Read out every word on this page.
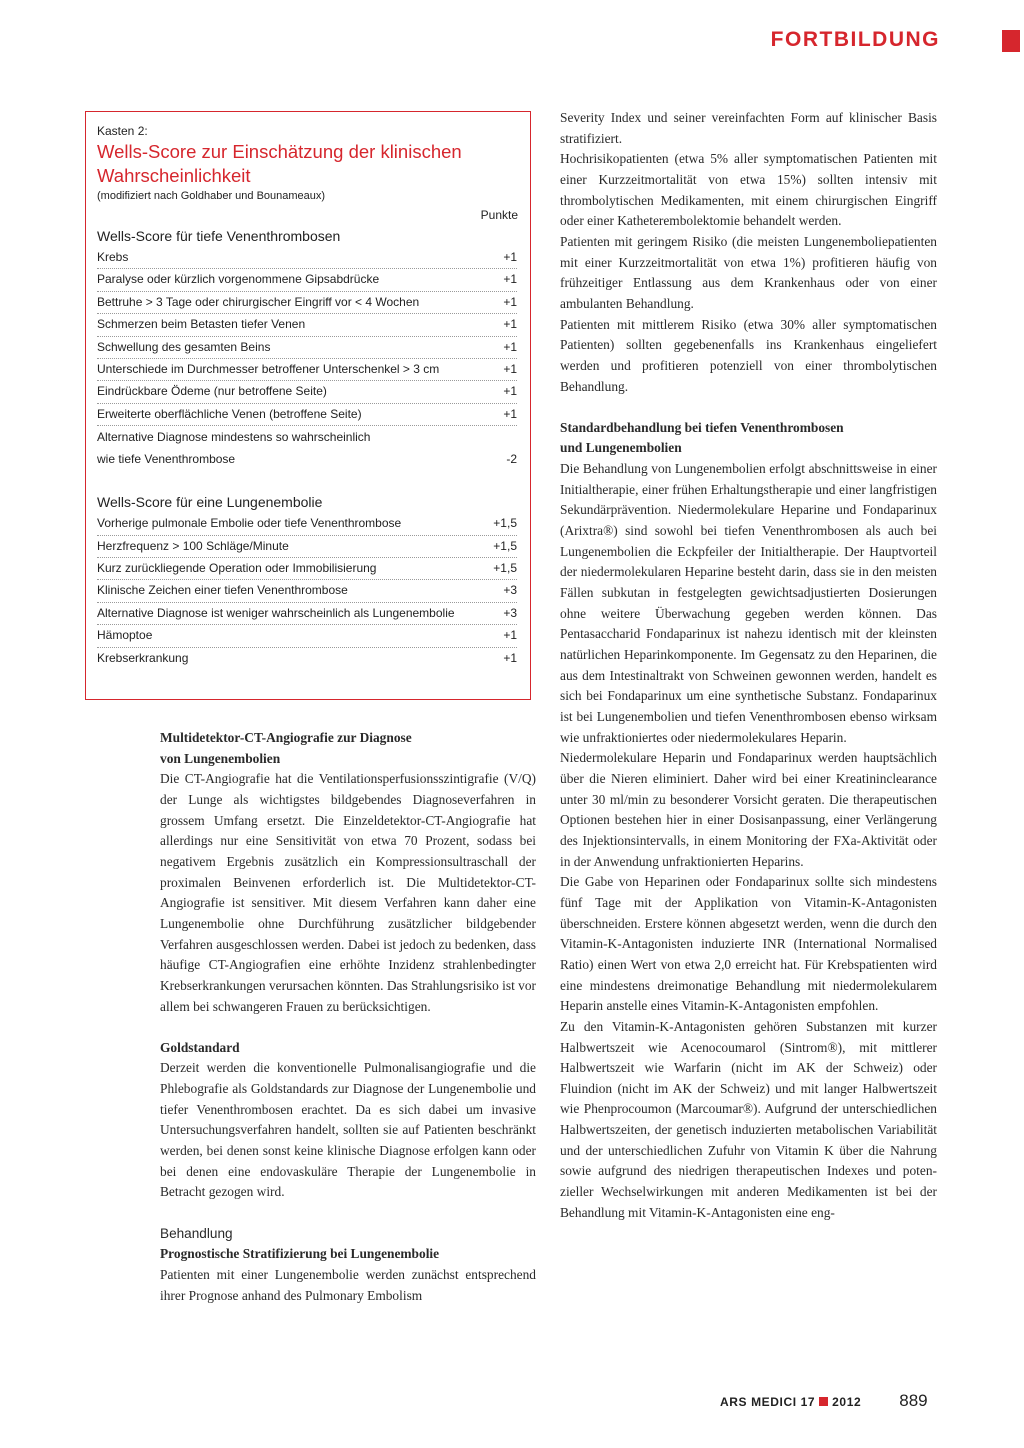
FORTBILDUNG
Kasten 2:
Wells-Score zur Einschätzung der klinischen
Wahrscheinlichkeit
(modifiziert nach Goldhaber und Bounameaux)
Punkte
Wells-Score für tiefe Venenthrombosen
Krebs	+1
Paralyse oder kürzlich vorgenommene Gipsabdrücke	+1
Bettruhe > 3 Tage oder chirurgischer Eingriff vor < 4 Wochen	+1
Schmerzen beim Betasten tiefer Venen	+1
Schwellung des gesamten Beins	+1
Unterschiede im Durchmesser betroffener Unterschenkel > 3 cm	+1
Eindrückbare Ödeme (nur betroffene Seite)	+1
Erweiterte oberflächliche Venen (betroffene Seite)	+1
Alternative Diagnose mindestens so wahrscheinlich
wie tiefe Venenthrombose	-2
Wells-Score für eine Lungenembolie
Vorherige pulmonale Embolie oder tiefe Venenthrombose	+1,5
Herzfrequenz > 100 Schläge/Minute	+1,5
Kurz zurückliegende Operation oder Immobilisierung	+1,5
Klinische Zeichen einer tiefen Venenthrombose	+3
Alternative Diagnose ist weniger wahrscheinlich als Lungenembolie	+3
Hämoptoe	+1
Krebserkrankung	+1
Multidetektor-CT-Angiografie zur Diagnose
von Lungenembolien

Die CT-Angiografie hat die Ventilationsperfusionsszintigrafie (V/Q) der Lunge als wichtigstes bildgebendes Diagnoseverfahren in grossem Umfang ersetzt. Die Einzeldetektor-CT-Angiografie hat allerdings nur eine Sensitivität von etwa 70 Prozent, sodass bei negativem Ergebnis zusätzlich ein Kompressionsultraschall der proximalen Beinvenen erforderlich ist. Die Multidetektor-CT-Angiografie ist sensitiver. Mit diesem Verfahren kann daher eine Lungenembolie ohne Durchführung zusätzlicher bildgebender Verfahren ausgeschlossen werden. Dabei ist jedoch zu bedenken, dass häufige CT-Angiografien eine erhöhte Inzidenz strahlenbedingter Krebserkrankungen verursachen könnten. Das Strahlungsrisiko ist vor allem bei schwangeren Frauen zu berücksichtigen.

Goldstandard

Derzeit werden die konventionelle Pulmonalisangiografie und die Phlebografie als Goldstandards zur Diagnose der Lungenembolie und tiefer Venenthrombosen erachtet. Da es sich dabei um invasive Untersuchungsverfahren handelt, sollten sie auf Patienten beschränkt werden, bei denen sonst keine klinische Diagnose erfolgen kann oder bei denen eine endovaskuläre Therapie der Lungenembolie in Betracht gezogen wird.

Behandlung
Prognostische Stratifizierung bei Lungenembolie

Patienten mit einer Lungenembolie werden zunächst entsprechend ihrer Prognose anhand des Pulmonary Embolism

Severity Index und seiner vereinfachten Form auf klinischer Basis stratifiziert.

Hochrisikopatienten (etwa 5% aller symptomatischen Patienten mit einer Kurzzeitmortalität von etwa 15%) sollten intensiv mit thrombolytischen Medikamenten, mit einem chirurgischen Eingriff oder einer Katheterembolektomie behandelt werden.

Patienten mit geringem Risiko (die meisten Lungenemboliepatienten mit einer Kurzzeitmortalität von etwa 1%) profitieren häufig von frühzeitiger Entlassung aus dem Krankenhaus oder von einer ambulanten Behandlung.

Patienten mit mittlerem Risiko (etwa 30% aller symptomatischen Patienten) sollten gegebenenfalls ins Krankenhaus eingeliefert werden und profitieren potenziell von einer thrombolytischen Behandlung.

Standardbehandlung bei tiefen Venenthrombosen
und Lungenembolien

Die Behandlung von Lungenembolien erfolgt abschnittsweise in einer Initialtherapie, einer frühen Erhaltungstherapie und einer langfristigen Sekundärprävention. Niedermolekulare Heparine und Fondaparinux (Arixtra®) sind sowohl bei tiefen Venenthrombosen als auch bei Lungenembolien die Eckpfeiler der Initialtherapie. Der Hauptvorteil der niedermolekularen Heparine besteht darin, dass sie in den meisten Fällen subkutan in festgelegten gewichtsadjustierten Dosierungen ohne weitere Überwachung gegeben werden können. Das Pentasaccharid Fondaparinux ist nahezu identisch mit der kleinsten natürlichen Heparinkomponente. Im Gegensatz zu den Heparinen, die aus dem Intestinaltrakt von Schweinen gewonnen werden, handelt es sich bei Fondaparinux um eine synthetische Substanz. Fondaparinux ist bei Lungenembolien und tiefen Venenthrombosen ebenso wirksam wie unfraktioniertes oder niedermolekulares Heparin.

Niedermolekulare Heparin und Fondaparinux werden hauptsächlich über die Nieren eliminiert. Daher wird bei einer Kreatininclearance unter 30 ml/min zu besonderer Vorsicht geraten. Die therapeutischen Optionen bestehen hier in einer Dosisanpassung, einer Verlängerung des Injektionsintervalls, in einem Monitoring der FXa-Aktivität oder in der Anwendung unfraktionierten Heparins.

Die Gabe von Heparinen oder Fondaparinux sollte sich mindestens fünf Tage mit der Applikation von Vitamin-K-Antagonisten überschneiden. Erstere können abgesetzt werden, wenn die durch den Vitamin-K-Antagonisten induzierte INR (International Normalised Ratio) einen Wert von etwa 2,0 erreicht hat. Für Krebspatienten wird eine mindestens dreimonatige Behandlung mit niedermolekularem Heparin anstelle eines Vitamin-K-Antagonisten empfohlen.

Zu den Vitamin-K-Antagonisten gehören Substanzen mit kurzer Halbwertszeit wie Acenocoumarol (Sintrom®), mit mittlerer Halbwertszeit wie Warfarin (nicht im AK der Schweiz) oder Fluindion (nicht im AK der Schweiz) und mit langer Halbwertszeit wie Phenprocoumon (Marcoumar®). Aufgrund der unterschiedlichen Halbwertszeiten, der genetisch induzierten metabolischen Variabilität und der unterschiedlichen Zufuhr von Vitamin K über die Nahrung sowie aufgrund des niedrigen therapeutischen Indexes und potenzieller Wechselwirkungen mit anderen Medikamenten ist bei der Behandlung mit Vitamin-K-Antagonisten eine eng-

ARS MEDICI 17 2012 889
